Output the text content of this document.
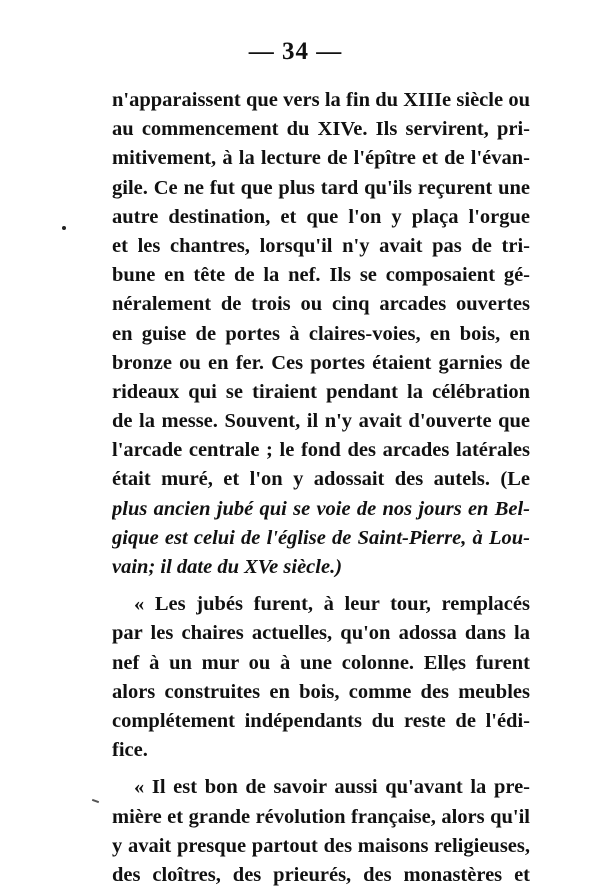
— 34 —
n'apparaissent que vers la fin du XIIIe siècle ou
au commencement du XIVe. Ils servirent, pri-
mitivement, à la lecture de l'épître et de l'évan-
gile. Ce ne fut que plus tard qu'ils reçurent une
autre destination, et que l'on y plaça l'orgue
et les chantres, lorsqu'il n'y avait pas de tri-
bune en tête de la nef. Ils se composaient gé-
néralement de trois ou cinq arcades ouvertes
en guise de portes à claires-voies, en bois, en
bronze ou en fer. Ces portes étaient garnies de
rideaux qui se tiraient pendant la célébration
de la messe. Souvent, il n'y avait d'ouverte que
l'arcade centrale ; le fond des arcades latérales
était muré, et l'on y adossait des autels. (Le
plus ancien jubé qui se voie de nos jours en Bel-
gique est celui de l'église de Saint-Pierre, à Lou-
vain; il date du XVe siècle.)
« Les jubés furent, à leur tour, remplacés
par les chaires actuelles, qu'on adossa dans la
nef à un mur ou à une colonne. Elles furent
alors construites en bois, comme des meubles
complétement indépendants du reste de l'édi-
fice.
« Il est bon de savoir aussi qu'avant la pre-
mière et grande révolution française, alors qu'il
y avait presque partout des maisons religieuses,
des cloîtres, des prieurés, des monastères et
